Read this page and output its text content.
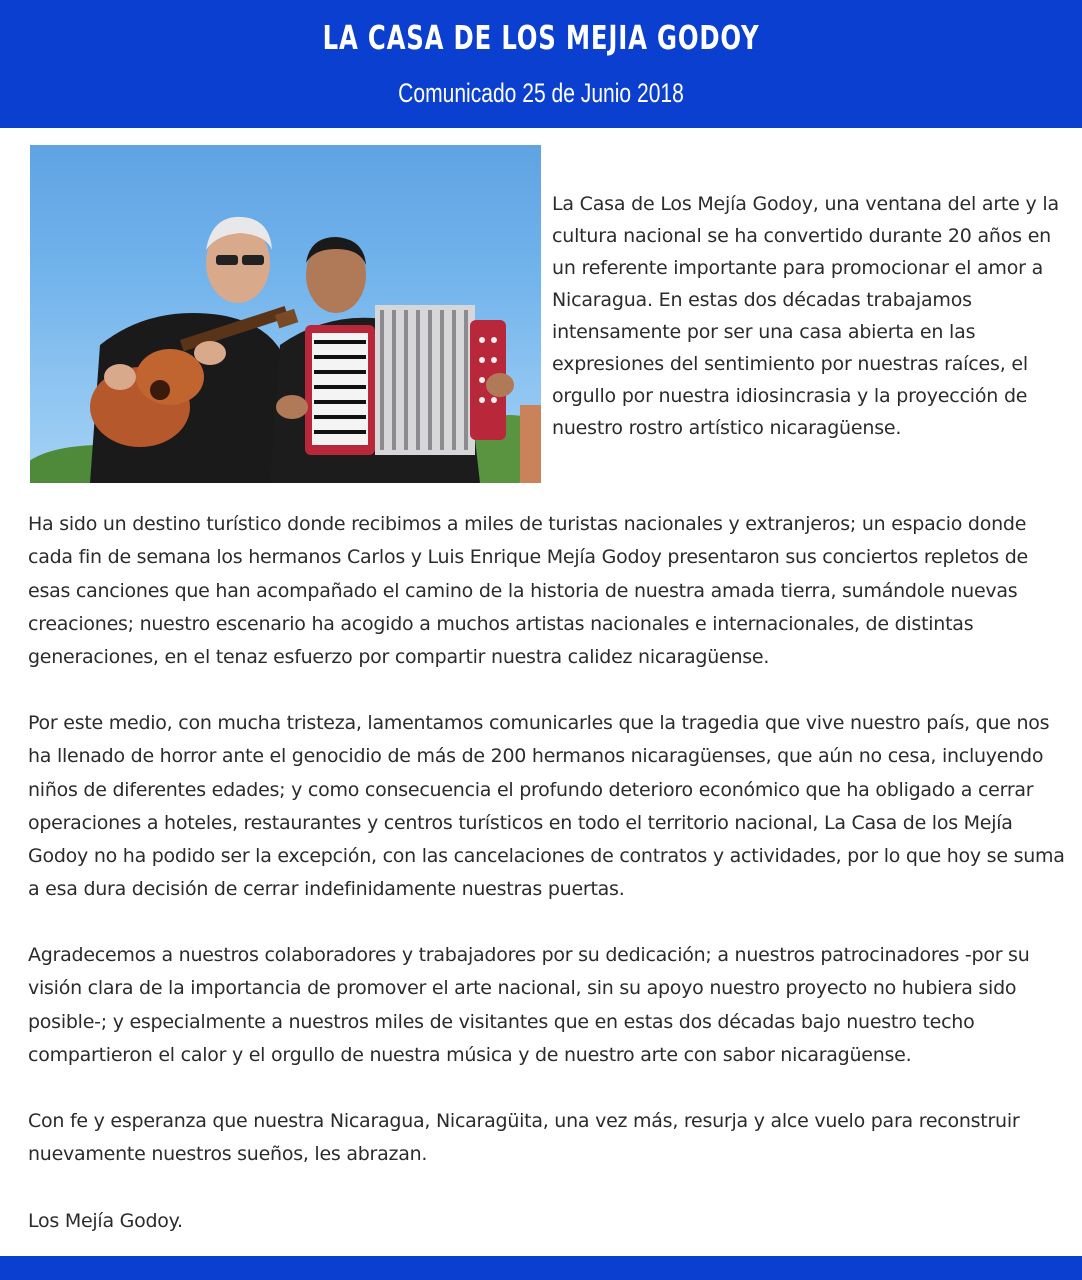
LA CASA DE LOS MEJIA GODOY
Comunicado 25 de Junio 2018
La Casa de Los Mejía Godoy, una ventana del arte y la cultura nacional se ha convertido durante 20 años en un referente importante para promocionar el amor a Nicaragua. En estas dos décadas trabajamos intensamente por ser una casa abierta en las expresiones del sentimiento por nuestras raíces, el orgullo por nuestra idiosincrasia y la proyección de nuestro rostro artístico nicaragüense.

Ha sido un destino turístico donde recibimos a miles de turistas nacionales y extranjeros; un espacio donde cada fin de semana los hermanos Carlos y Luis Enrique Mejía Godoy presentaron sus conciertos repletos de esas canciones que han acompañado el camino de la historia de nuestra amada tierra, sumándole nuevas creaciones; nuestro escenario ha acogido a muchos artistas nacionales e internacionales, de distintas generaciones, en el tenaz esfuerzo por compartir nuestra calidez nicaragüense.

Por este medio, con mucha tristeza, lamentamos comunicarles que la tragedia que vive nuestro país, que nos ha llenado de horror ante el genocidio de más de 200 hermanos nicaragüenses, que aún no cesa, incluyendo niños de diferentes edades; y como consecuencia el profundo deterioro económico que ha obligado a cerrar operaciones a hoteles, restaurantes y centros turísticos en todo el territorio nacional, La Casa de los Mejía Godoy no ha podido ser la excepción, con las cancelaciones de contratos y actividades, por lo que hoy se suma a esa dura decisión de cerrar indefinidamente nuestras puertas.

Agradecemos a nuestros colaboradores y trabajadores por su dedicación; a nuestros patrocinadores -por su visión clara de la importancia de promover el arte nacional, sin su apoyo nuestro proyecto no hubiera sido posible-; y especialmente a nuestros miles de visitantes que en estas dos décadas bajo nuestro techo compartieron el calor y el orgullo de nuestra música y de nuestro arte con sabor nicaragüense.

Con fe y esperanza que nuestra Nicaragua, Nicaragüita, una vez más, resurja y alce vuelo para reconstruir nuevamente nuestros sueños, les abrazan.

Los Mejía Godoy.
